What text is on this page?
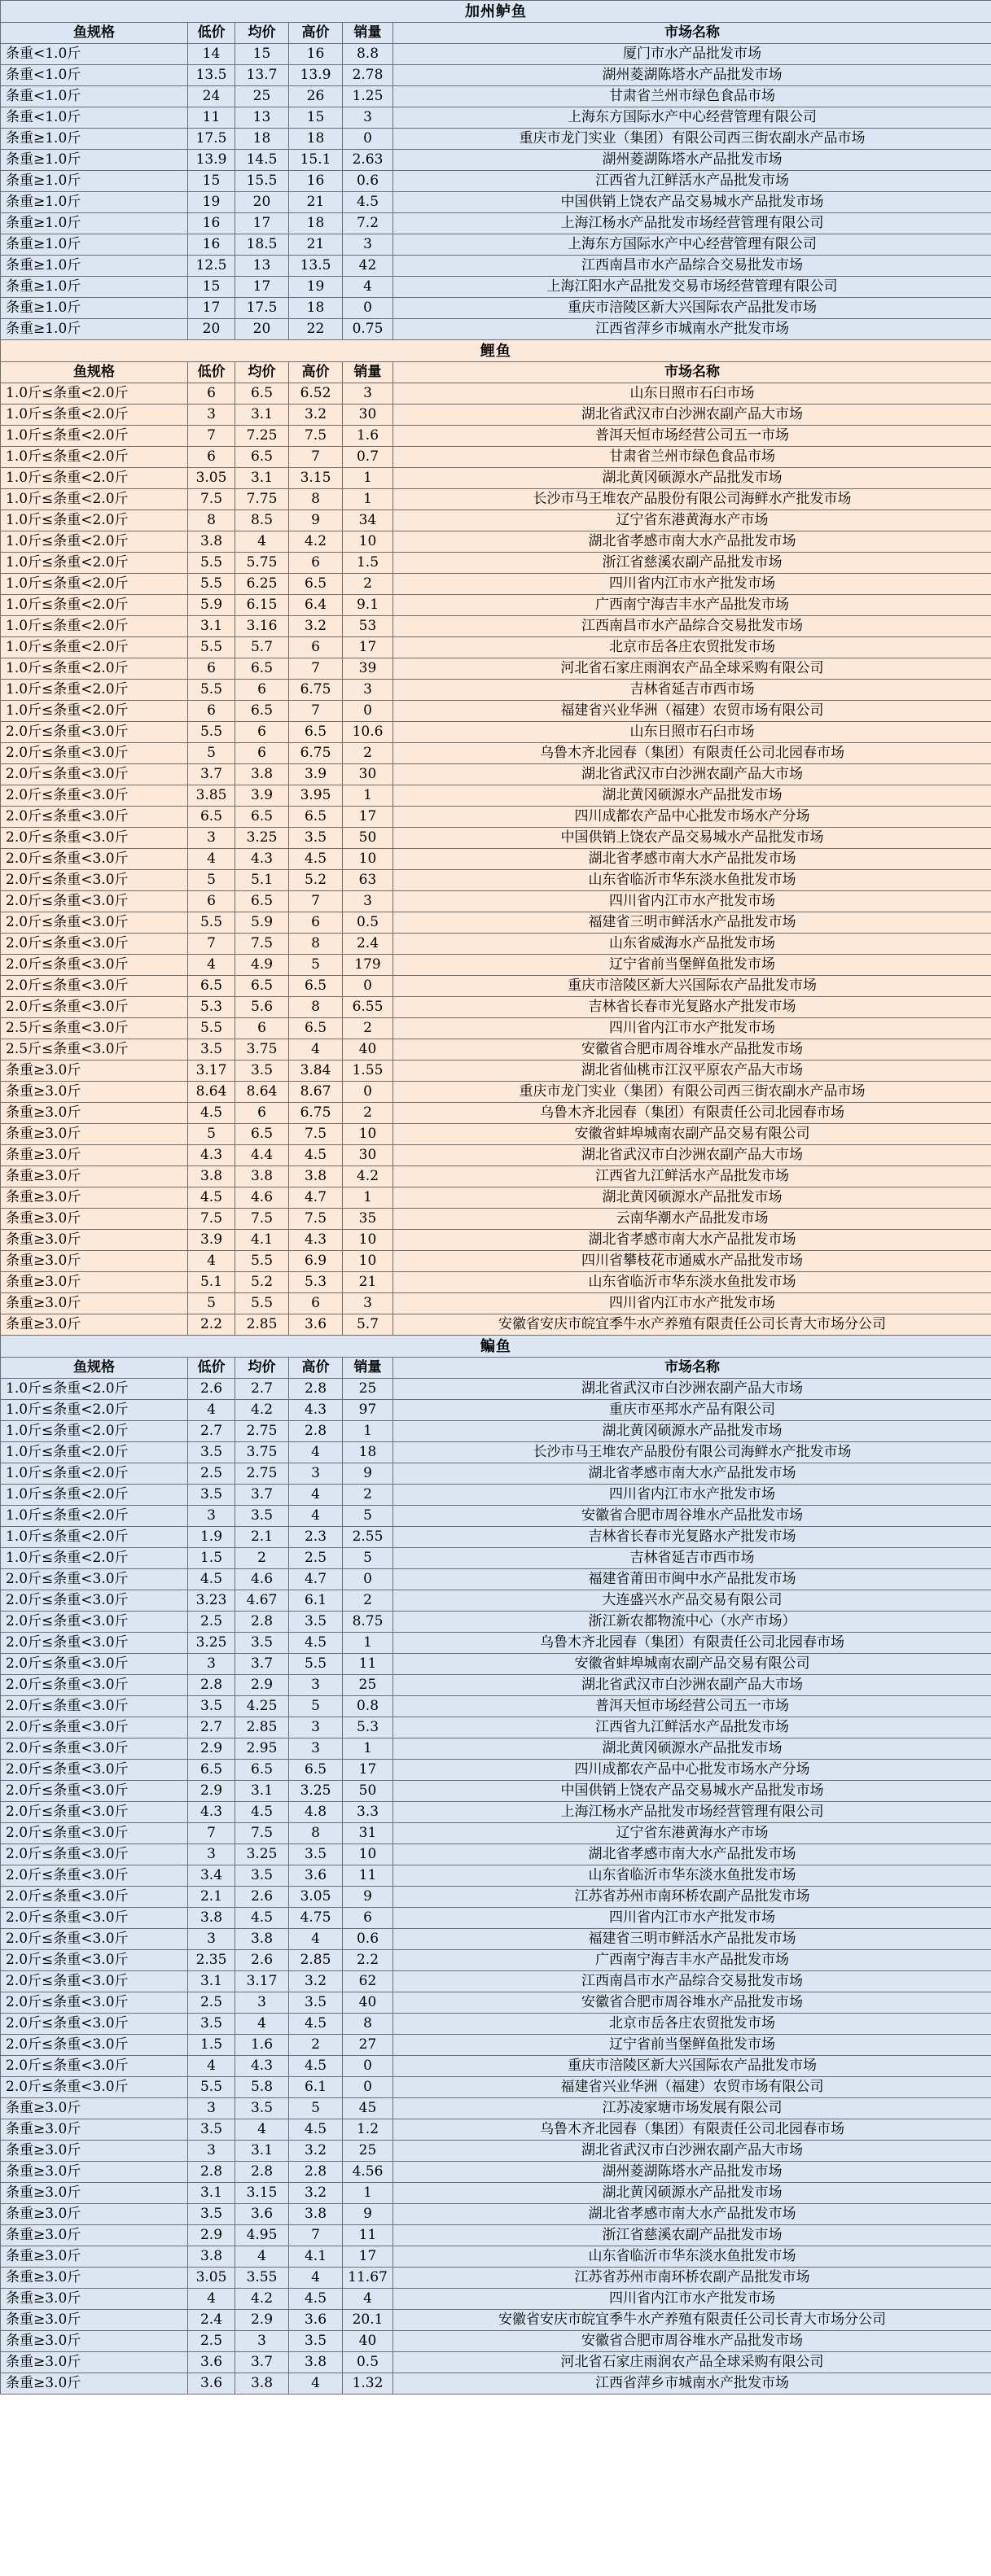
加州鲈鱼					
鱼规格	低价	均价	高价	销量	市场名称
条重<1.0斤	14	15	16	8.8	厦门市水产品批发市场
条重<1.0斤	13.5	13.7	13.9	2.78	湖州菱湖陈塔水产品批发市场
条重<1.0斤	24	25	26	1.25	甘肃省兰州市绿色食品市场
条重<1.0斤	11	13	15	3	上海东方国际水产中心经营管理有限公司
条重≥1.0斤	17.5	18	18	0	重庆市龙门实业（集团）有限公司西三街农副水产品市场
条重≥1.0斤	13.9	14.5	15.1	2.63	湖州菱湖陈塔水产品批发市场
条重≥1.0斤	15	15.5	16	0.6	江西省九江鲜活水产品批发市场
条重≥1.0斤	19	20	21	4.5	中国供销上饶农产品交易城水产品批发市场
条重≥1.0斤	16	17	18	7.2	上海江杨水产品批发市场经营管理有限公司
条重≥1.0斤	16	18.5	21	3	上海东方国际水产中心经营管理有限公司
条重≥1.0斤	12.5	13	13.5	42	江西南昌市水产品综合交易批发市场
条重≥1.0斤	15	17	19	4	上海江阳水产品批发交易市场经营管理有限公司
条重≥1.0斤	17	17.5	18	0	重庆市涪陵区新大兴国际农产品批发市场
条重≥1.0斤	20	20	22	0.75	江西省萍乡市城南水产批发市场
鲤鱼					
鱼规格	低价	均价	高价	销量	市场名称
1.0斤≤条重<2.0斤	6	6.5	6.52	3	山东日照市石臼市场
1.0斤≤条重<2.0斤	3	3.1	3.2	30	湖北省武汉市白沙洲农副产品大市场
1.0斤≤条重<2.0斤	7	7.25	7.5	1.6	普洱天恒市场经营公司五一市场
1.0斤≤条重<2.0斤	6	6.5	7	0.7	甘肃省兰州市绿色食品市场
1.0斤≤条重<2.0斤	3.05	3.1	3.15	1	湖北黄冈硕源水产品批发市场
1.0斤≤条重<2.0斤	7.5	7.75	8	1	长沙市马王堆农产品股份有限公司海鲜水产批发市场
1.0斤≤条重<2.0斤	8	8.5	9	34	辽宁省东港黄海水产市场
1.0斤≤条重<2.0斤	3.8	4	4.2	10	湖北省孝感市南大水产品批发市场
1.0斤≤条重<2.0斤	5.5	5.75	6	1.5	浙江省慈溪农副产品批发市场
1.0斤≤条重<2.0斤	5.5	6.25	6.5	2	四川省内江市水产批发市场
1.0斤≤条重<2.0斤	5.9	6.15	6.4	9.1	广西南宁海吉丰水产品批发市场
1.0斤≤条重<2.0斤	3.1	3.16	3.2	53	江西南昌市水产品综合交易批发市场
1.0斤≤条重<2.0斤	5.5	5.7	6	17	北京市岳各庄农贸批发市场
1.0斤≤条重<2.0斤	6	6.5	7	39	河北省石家庄雨润农产品全球采购有限公司
1.0斤≤条重<2.0斤	5.5	6	6.75	3	吉林省延吉市西市场
1.0斤≤条重<2.0斤	6	6.5	7	0	福建省兴业华洲（福建）农贸市场有限公司
2.0斤≤条重<3.0斤	5.5	6	6.5	10.6	山东日照市石臼市场
2.0斤≤条重<3.0斤	5	6	6.75	2	乌鲁木齐北园春（集团）有限责任公司北园春市场
2.0斤≤条重<3.0斤	3.7	3.8	3.9	30	湖北省武汉市白沙洲农副产品大市场
2.0斤≤条重<3.0斤	3.85	3.9	3.95	1	湖北黄冈硕源水产品批发市场
2.0斤≤条重<3.0斤	6.5	6.5	6.5	17	四川成都农产品中心批发市场水产分场
2.0斤≤条重<3.0斤	3	3.25	3.5	50	中国供销上饶农产品交易城水产品批发市场
2.0斤≤条重<3.0斤	4	4.3	4.5	10	湖北省孝感市南大水产品批发市场
2.0斤≤条重<3.0斤	5	5.1	5.2	63	山东省临沂市华东淡水鱼批发市场
2.0斤≤条重<3.0斤	6	6.5	7	3	四川省内江市水产批发市场
2.0斤≤条重<3.0斤	5.5	5.9	6	0.5	福建省三明市鲜活水产品批发市场
2.0斤≤条重<3.0斤	7	7.5	8	2.4	山东省威海水产品批发市场
2.0斤≤条重<3.0斤	4	4.9	5	179	辽宁省前当堡鲜鱼批发市场
2.0斤≤条重<3.0斤	6.5	6.5	6.5	0	重庆市涪陵区新大兴国际农产品批发市场
2.0斤≤条重<3.0斤	5.3	5.6	8	6.55	吉林省长春市光复路水产批发市场
2.5斤≤条重<3.0斤	5.5	6	6.5	2	四川省内江市水产批发市场
2.5斤≤条重<3.0斤	3.5	3.75	4	40	安徽省合肥市周谷堆水产品批发市场
条重≥3.0斤	3.17	3.5	3.84	1.55	湖北省仙桃市江汉平原农产品大市场
条重≥3.0斤	8.64	8.64	8.67	0	重庆市龙门实业（集团）有限公司西三街农副水产品市场
条重≥3.0斤	4.5	6	6.75	2	乌鲁木齐北园春（集团）有限责任公司北园春市场
条重≥3.0斤	5	6.5	7.5	10	安徽省蚌埠城南农副产品交易有限公司
条重≥3.0斤	4.3	4.4	4.5	30	湖北省武汉市白沙洲农副产品大市场
条重≥3.0斤	3.8	3.8	3.8	4.2	江西省九江鲜活水产品批发市场
条重≥3.0斤	4.5	4.6	4.7	1	湖北黄冈硕源水产品批发市场
条重≥3.0斤	7.5	7.5	7.5	35	云南华潮水产品批发市场
条重≥3.0斤	3.9	4.1	4.3	10	湖北省孝感市南大水产品批发市场
条重≥3.0斤	4	5.5	6.9	10	四川省攀枝花市通威水产品批发市场
条重≥3.0斤	5.1	5.2	5.3	21	山东省临沂市华东淡水鱼批发市场
条重≥3.0斤	5	5.5	6	3	四川省内江市水产批发市场
条重≥3.0斤	2.2	2.85	3.6	5.7	安徽省安庆市皖宜季牛水产养殖有限责任公司长青大市场分公司
鳊鱼					
鱼规格	低价	均价	高价	销量	市场名称
1.0斤≤条重<2.0斤	2.6	2.7	2.8	25	湖北省武汉市白沙洲农副产品大市场
1.0斤≤条重<2.0斤	4	4.2	4.3	97	重庆市巫邦水产品有限公司
1.0斤≤条重<2.0斤	2.7	2.75	2.8	1	湖北黄冈硕源水产品批发市场
1.0斤≤条重<2.0斤	3.5	3.75	4	18	长沙市马王堆农产品股份有限公司海鲜水产批发市场
1.0斤≤条重<2.0斤	2.5	2.75	3	9	湖北省孝感市南大水产品批发市场
1.0斤≤条重<2.0斤	3.5	3.7	4	2	四川省内江市水产批发市场
1.0斤≤条重<2.0斤	3	3.5	4	5	安徽省合肥市周谷堆水产品批发市场
1.0斤≤条重<2.0斤	1.9	2.1	2.3	2.55	吉林省长春市光复路水产批发市场
1.0斤≤条重<2.0斤	1.5	2	2.5	5	吉林省延吉市西市场
2.0斤≤条重<3.0斤	4.5	4.6	4.7	0	福建省莆田市闽中水产品批发市场
2.0斤≤条重<3.0斤	3.23	4.67	6.1	2	大连盛兴水产品交易有限公司
2.0斤≤条重<3.0斤	2.5	2.8	3.5	8.75	浙江新农都物流中心（水产市场）
2.0斤≤条重<3.0斤	3.25	3.5	4.5	1	乌鲁木齐北园春（集团）有限责任公司北园春市场
2.0斤≤条重<3.0斤	3	3.7	5.5	11	安徽省蚌埠城南农副产品交易有限公司
2.0斤≤条重<3.0斤	2.8	2.9	3	25	湖北省武汉市白沙洲农副产品大市场
2.0斤≤条重<3.0斤	3.5	4.25	5	0.8	普洱天恒市场经营公司五一市场
2.0斤≤条重<3.0斤	2.7	2.85	3	5.3	江西省九江鲜活水产品批发市场
2.0斤≤条重<3.0斤	2.9	2.95	3	1	湖北黄冈硕源水产品批发市场
2.0斤≤条重<3.0斤	6.5	6.5	6.5	17	四川成都农产品中心批发市场水产分场
2.0斤≤条重<3.0斤	2.9	3.1	3.25	50	中国供销上饶农产品交易城水产品批发市场
2.0斤≤条重<3.0斤	4.3	4.5	4.8	3.3	上海江杨水产品批发市场经营管理有限公司
2.0斤≤条重<3.0斤	7	7.5	8	31	辽宁省东港黄海水产市场
2.0斤≤条重<3.0斤	3	3.25	3.5	10	湖北省孝感市南大水产品批发市场
2.0斤≤条重<3.0斤	3.4	3.5	3.6	11	山东省临沂市华东淡水鱼批发市场
2.0斤≤条重<3.0斤	2.1	2.6	3.05	9	江苏省苏州市南环桥农副产品批发市场
2.0斤≤条重<3.0斤	3.8	4.5	4.75	6	四川省内江市水产批发市场
2.0斤≤条重<3.0斤	3	3.8	4	0.6	福建省三明市鲜活水产品批发市场
2.0斤≤条重<3.0斤	2.35	2.6	2.85	2.2	广西南宁海吉丰水产品批发市场
2.0斤≤条重<3.0斤	3.1	3.17	3.2	62	江西南昌市水产品综合交易批发市场
2.0斤≤条重<3.0斤	2.5	3	3.5	40	安徽省合肥市周谷堆水产品批发市场
2.0斤≤条重<3.0斤	3.5	4	4.5	8	北京市岳各庄农贸批发市场
2.0斤≤条重<3.0斤	1.5	1.6	2	27	辽宁省前当堡鲜鱼批发市场
2.0斤≤条重<3.0斤	4	4.3	4.5	0	重庆市涪陵区新大兴国际农产品批发市场
2.0斤≤条重<3.0斤	5.5	5.8	6.1	0	福建省兴业华洲（福建）农贸市场有限公司
条重≥3.0斤	3	3.5	5	45	江苏凌家塘市场发展有限公司
条重≥3.0斤	3.5	4	4.5	1.2	乌鲁木齐北园春（集团）有限责任公司北园春市场
条重≥3.0斤	3	3.1	3.2	25	湖北省武汉市白沙洲农副产品大市场
条重≥3.0斤	2.8	2.8	2.8	4.56	湖州菱湖陈塔水产品批发市场
条重≥3.0斤	3.1	3.15	3.2	1	湖北黄冈硕源水产品批发市场
条重≥3.0斤	3.5	3.6	3.8	9	湖北省孝感市南大水产品批发市场
条重≥3.0斤	2.9	4.95	7	11	浙江省慈溪农副产品批发市场
条重≥3.0斤	3.8	4	4.1	17	山东省临沂市华东淡水鱼批发市场
条重≥3.0斤	3.05	3.55	4	11.67	江苏省苏州市南环桥农副产品批发市场
条重≥3.0斤	4	4.2	4.5	4	四川省内江市水产批发市场
条重≥3.0斤	2.4	2.9	3.6	20.1	安徽省安庆市皖宜季牛水产养殖有限责任公司长青大市场分公司
条重≥3.0斤	2.5	3	3.5	40	安徽省合肥市周谷堆水产品批发市场
条重≥3.0斤	3.6	3.7	3.8	0.5	河北省石家庄雨润农产品全球采购有限公司
条重≥3.0斤	3.6	3.8	4	1.32	江西省萍乡市城南水产批发市场
